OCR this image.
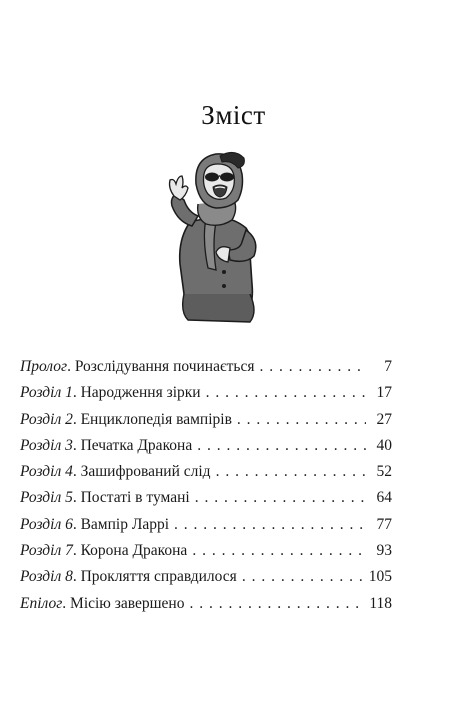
Зміст
Пролог. Розслідування починається . . .	7
Розділ 1. Народження зірки . . .	17
Розділ 2. Енциклопедія вампірів . . .	27
Розділ 3. Печатка Дракона . . .	40
Розділ 4. Зашифрований слід . . .	52
Розділ 5. Постаті в тумані . . .	64
Розділ 6. Вампір Ларрі . . .	77
Розділ 7. Корона Дракона . . .	93
Розділ 8. Прокляття справдилося . . .	105
Епілог. Місію завершено . . .	118
